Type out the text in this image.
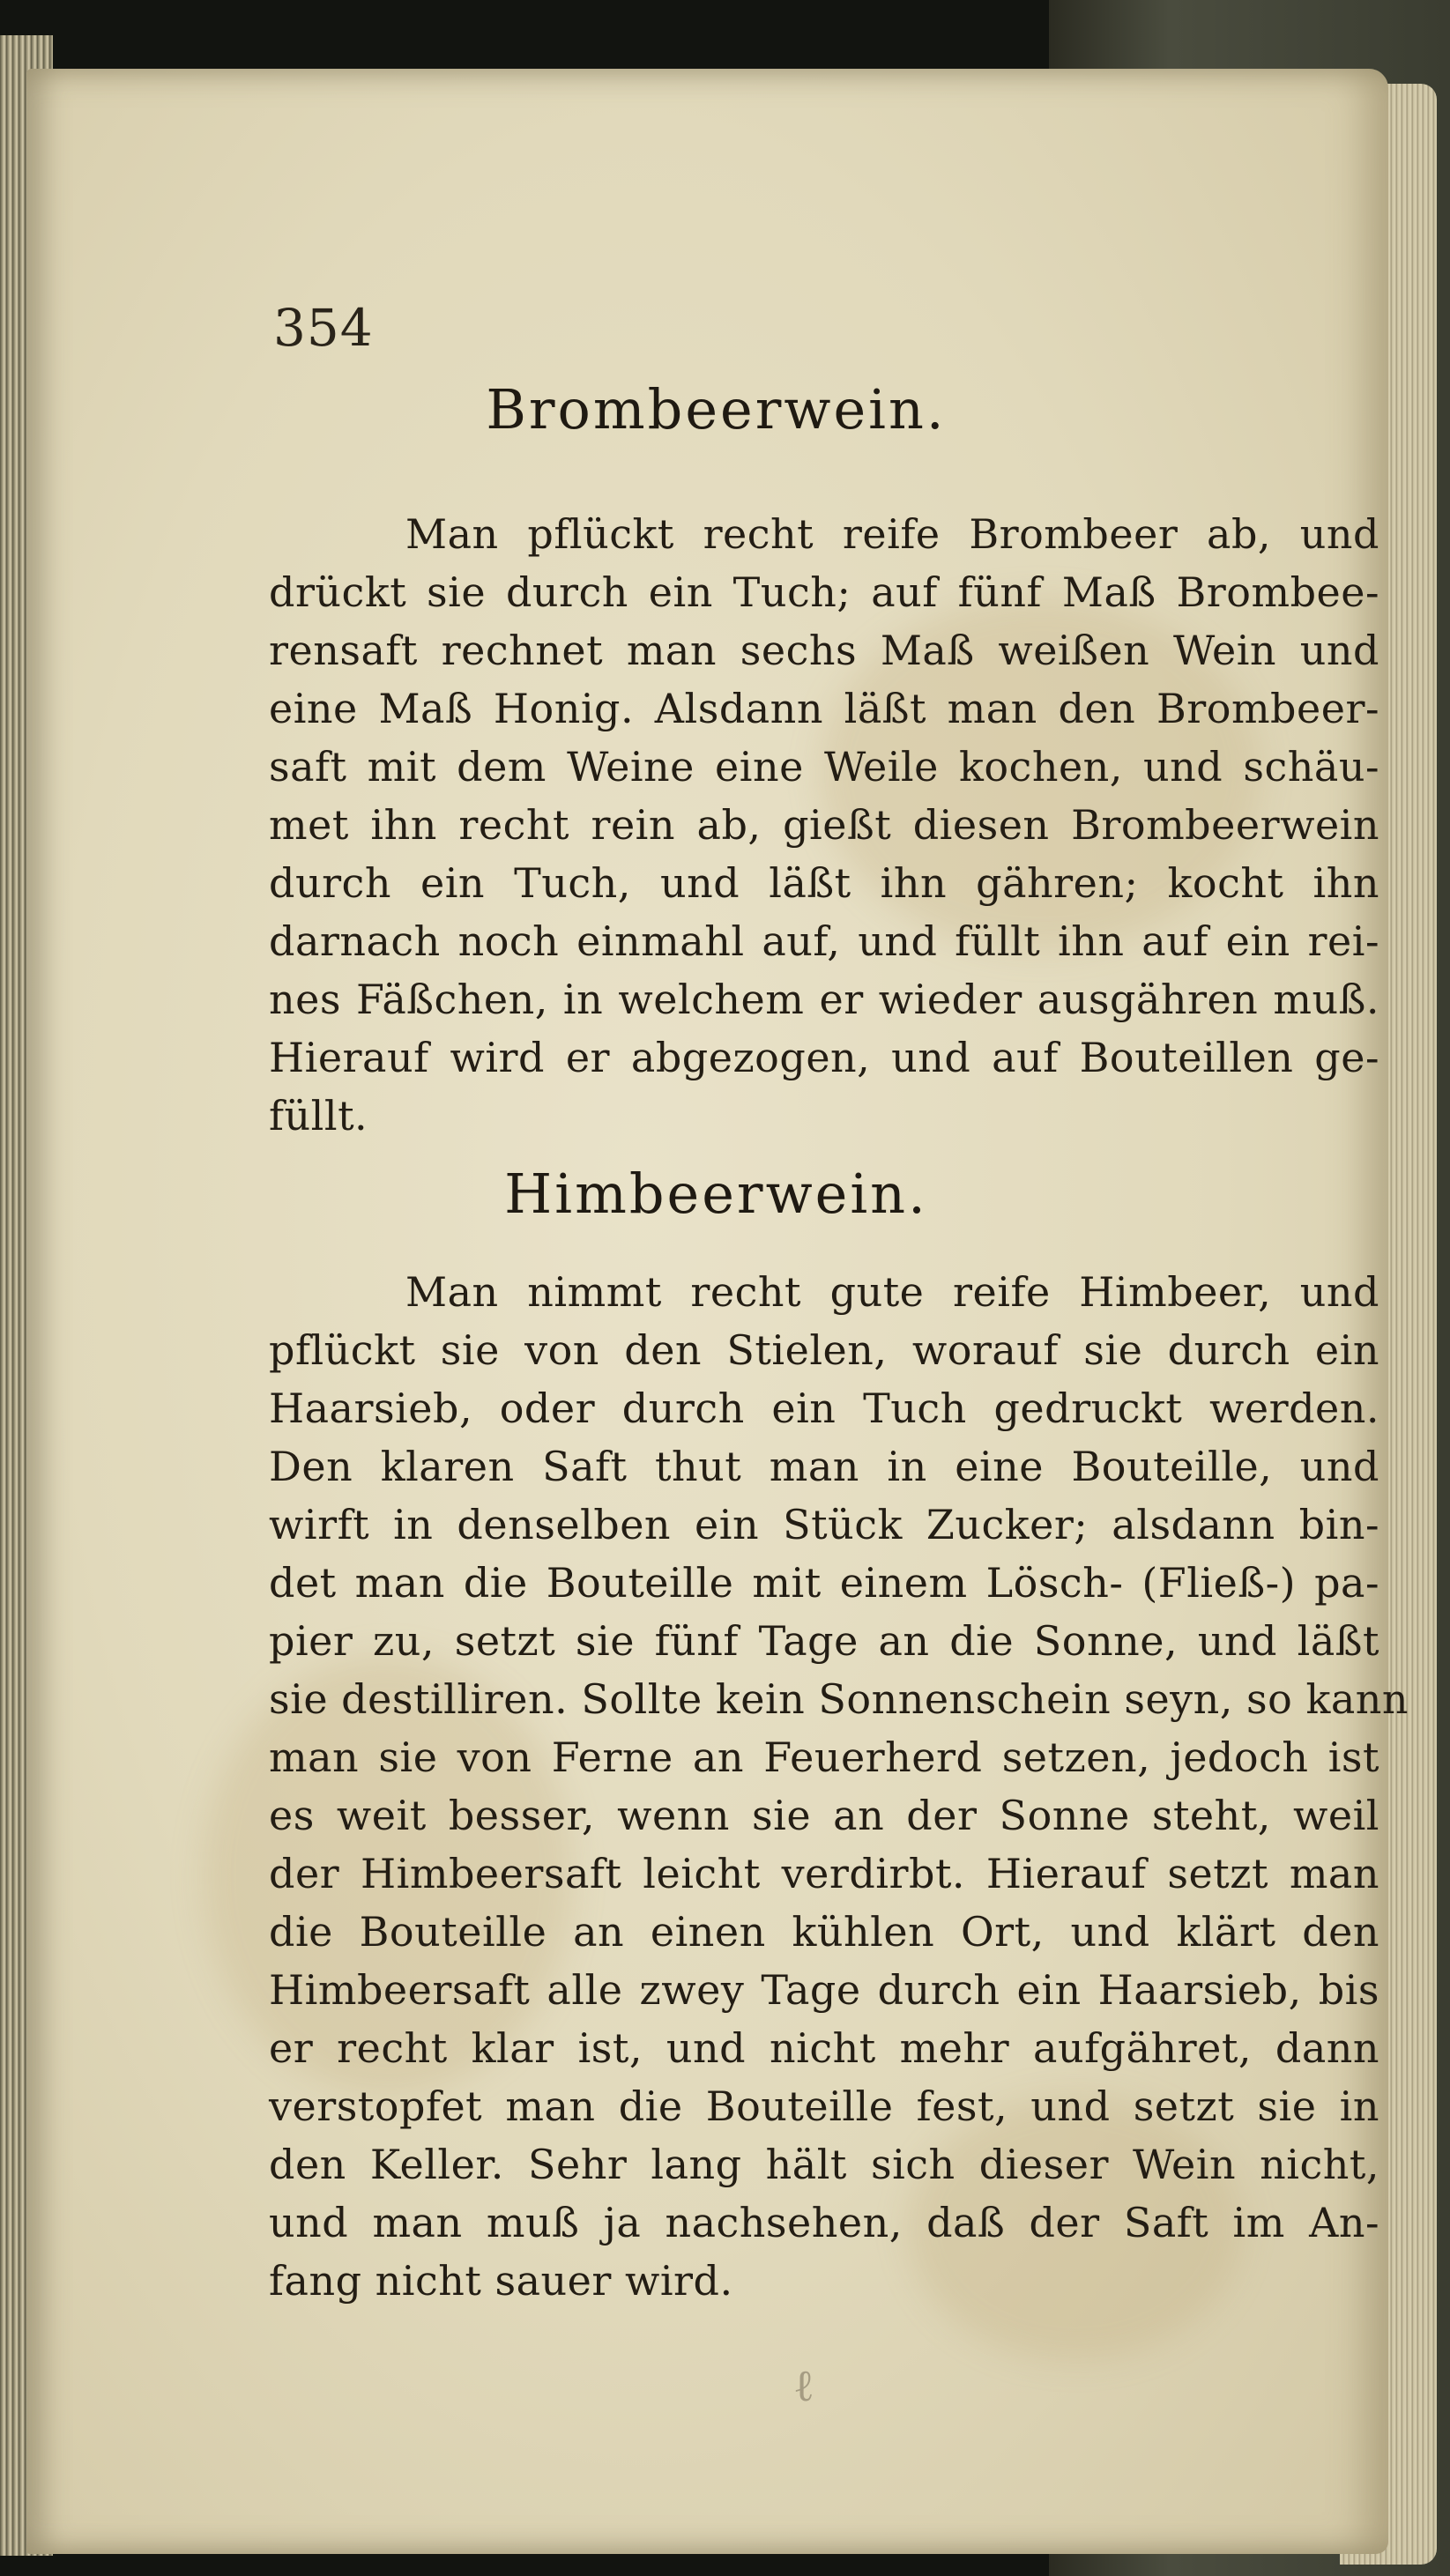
354
Brombeerwein.
Man pflückt recht reife Brombeer ab, und
drückt sie durch ein Tuch; auf fünf Maß Brombee-
rensaft rechnet man sechs Maß weißen Wein und
eine Maß Honig. Alsdann läßt man den Brombeer-
saft mit dem Weine eine Weile kochen, und schäu-
met ihn recht rein ab, gießt diesen Brombeerwein
durch ein Tuch, und läßt ihn gähren; kocht ihn
darnach noch einmahl auf, und füllt ihn auf ein rei-
nes Fäßchen, in welchem er wieder ausgähren muß.
Hierauf wird er abgezogen, und auf Bouteillen ge-
füllt.
Himbeerwein.
Man nimmt recht gute reife Himbeer, und
pflückt sie von den Stielen, worauf sie durch ein
Haarsieb, oder durch ein Tuch gedruckt werden.
Den klaren Saft thut man in eine Bouteille, und
wirft in denselben ein Stück Zucker; alsdann bin-
det man die Bouteille mit einem Lösch- (Fließ-) pa-
pier zu, setzt sie fünf Tage an die Sonne, und läßt
sie destilliren. Sollte kein Sonnenschein seyn, so kann
man sie von Ferne an Feuerherd setzen, jedoch ist
es weit besser, wenn sie an der Sonne steht, weil
der Himbeersaft leicht verdirbt. Hierauf setzt man
die Bouteille an einen kühlen Ort, und klärt den
Himbeersaft alle zwey Tage durch ein Haarsieb, bis
er recht klar ist, und nicht mehr aufgähret, dann
verstopfet man die Bouteille fest, und setzt sie in
den Keller. Sehr lang hält sich dieser Wein nicht,
und man muß ja nachsehen, daß der Saft im An-
fang nicht sauer wird.
ℓ
